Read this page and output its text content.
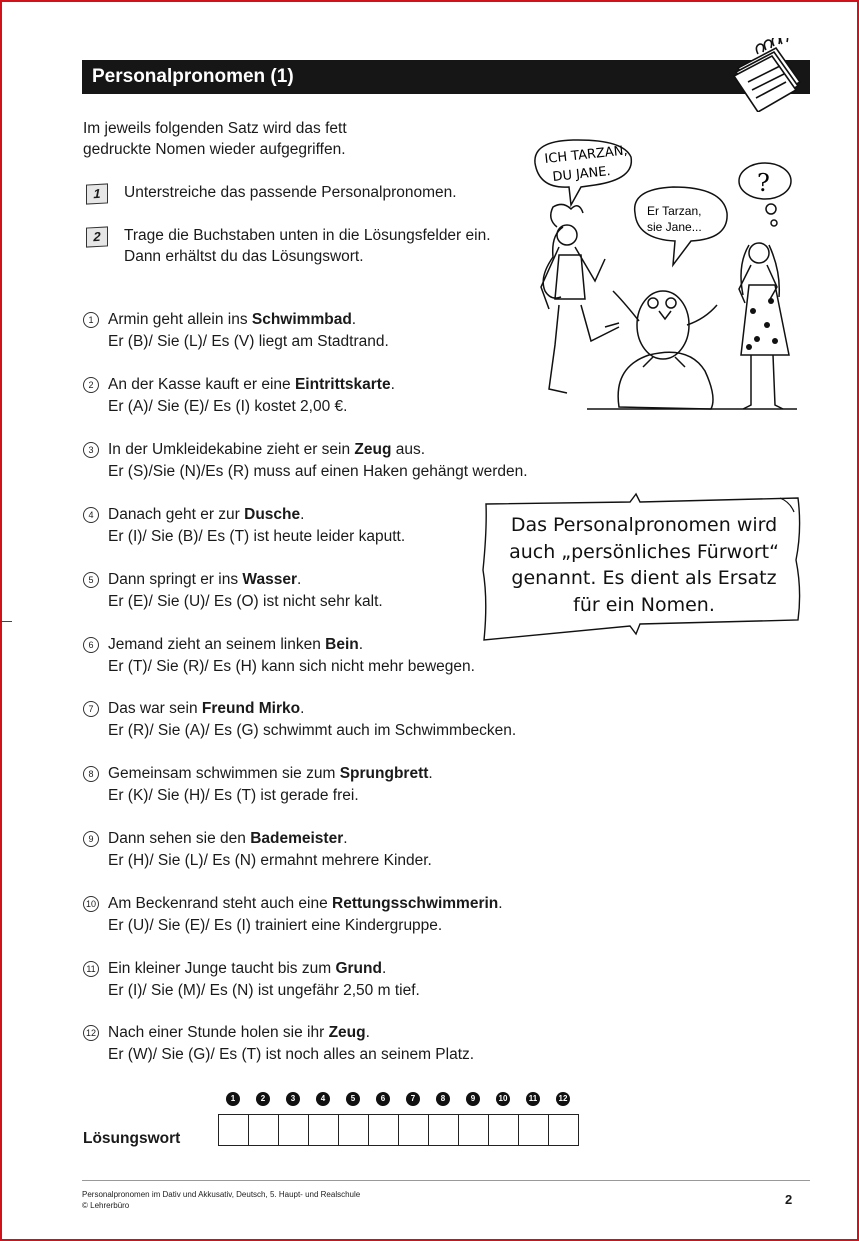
Personalpronomen (1)
Im jeweils folgenden Satz wird das fett gedruckte Nomen wieder aufgegriffen.
1	Unterstreiche das passende Personalpronomen.
2	Trage die Buchstaben unten in die Lösungsfelder ein. Dann erhältst du das Lösungswort.
ICH TARZAN,
DU JANE.
Er Tarzan,
sie Jane...
?
1 Armin geht allein ins Schwimmbad.
Er (B)/ Sie (L)/ Es (V) liegt am Stadtrand.
2 An der Kasse kauft er eine Eintrittskarte.
Er (A)/ Sie (E)/ Es (I) kostet 2,00 €.
3 In der Umkleidekabine zieht er sein Zeug aus.
Er (S)/Sie (N)/Es (R) muss auf einen Haken gehängt werden.
4 Danach geht er zur Dusche.
Er (I)/ Sie (B)/ Es (T) ist heute leider kaputt.
5 Dann springt er ins Wasser.
Er (E)/ Sie (U)/ Es (O) ist nicht sehr kalt.
6 Jemand zieht an seinem linken Bein.
Er (T)/ Sie (R)/ Es (H) kann sich nicht mehr bewegen.
7 Das war sein Freund Mirko.
Er (R)/ Sie (A)/ Es (G) schwimmt auch im Schwimmbecken.
8 Gemeinsam schwimmen sie zum Sprungbrett.
Er (K)/ Sie (H)/ Es (T) ist gerade frei.
9 Dann sehen sie den Bademeister.
Er (H)/ Sie (L)/ Es (N) ermahnt mehrere Kinder.
10 Am Beckenrand steht auch eine Rettungsschwimmerin.
Er (U)/ Sie (E)/ Es (I) trainiert eine Kindergruppe.
11 Ein kleiner Junge taucht bis zum Grund.
Er (I)/ Sie (M)/ Es (N) ist ungefähr 2,50 m tief.
12 Nach einer Stunde holen sie ihr Zeug.
Er (W)/ Sie (G)/ Es (T) ist noch alles an seinem Platz.
Das Personalpronomen wird
auch „persönliches Fürwort“
genannt. Es dient als Ersatz
für ein Nomen.
1	2	3	4	5	6	7	8	9	10	11	12
Lösungswort
Personalpronomen im Dativ und Akkusativ, Deutsch, 5. Haupt- und Realschule
© Lehrerbüro	2
